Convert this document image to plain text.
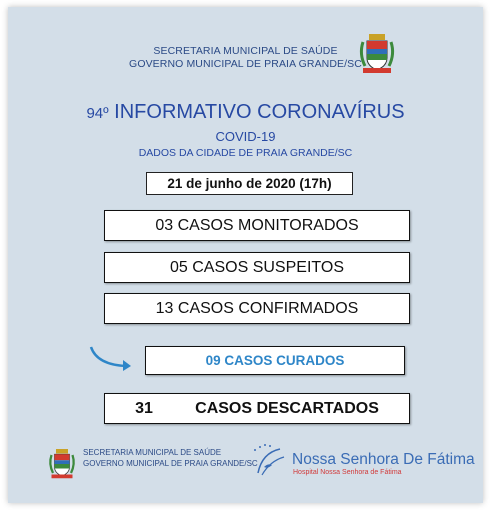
SECRETARIA MUNICIPAL DE SAÚDE
GOVERNO MUNICIPAL DE PRAIA GRANDE/SC
94º INFORMATIVO CORONAVÍRUS
COVID-19
DADOS DA CIDADE DE PRAIA GRANDE/SC
21 de junho de 2020 (17h)
03 CASOS MONITORADOS
05 CASOS SUSPEITOS
13 CASOS CONFIRMADOS
09 CASOS CURADOS
31	CASOS DESCARTADOS
SECRETARIA MUNICIPAL DE SAÚDE
GOVERNO MUNICIPAL DE PRAIA GRANDE/SC Nossa Senhora De Fátima
Hospital Nossa Senhora de Fátima
